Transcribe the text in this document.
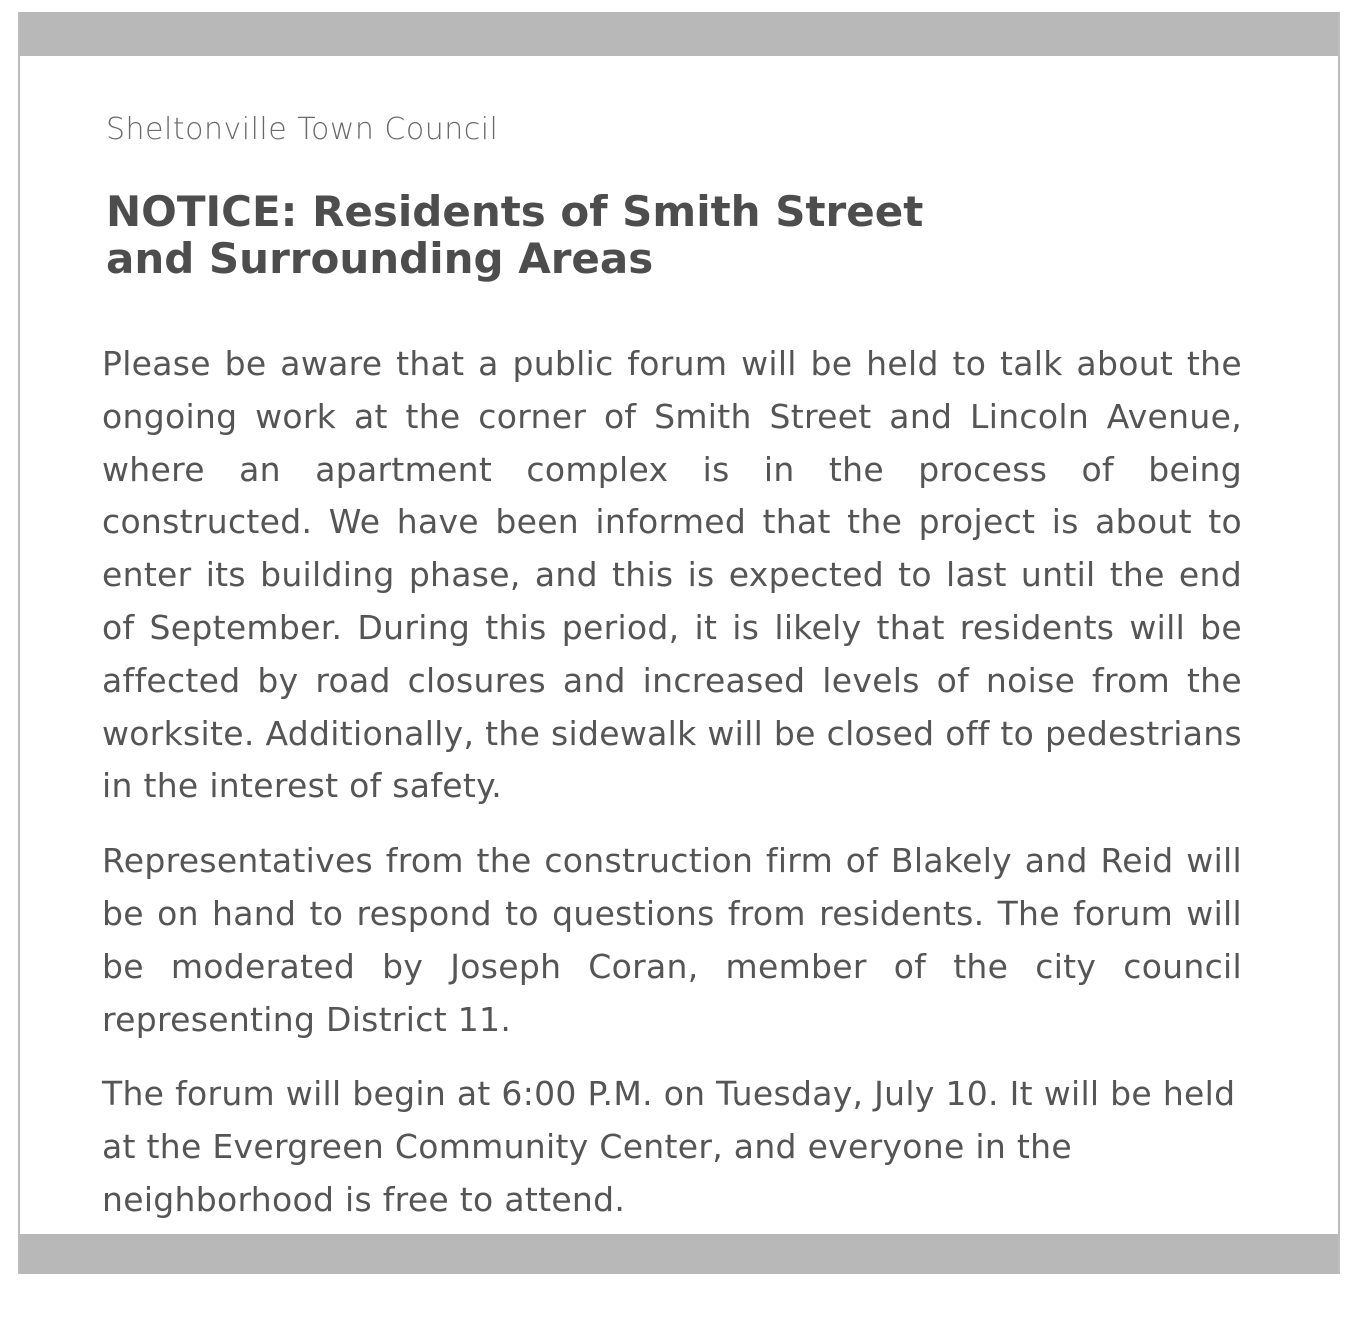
Sheltonville Town Council
NOTICE: Residents of Smith Street and Surrounding Areas

Please be aware that a public forum will be held to talk about the ongoing work at the corner of Smith Street and Lincoln Avenue, where an apartment complex is in the process of being constructed. We have been informed that the project is about to enter its building phase, and this is expected to last until the end of September. During this period, it is likely that residents will be affected by road closures and increased levels of noise from the worksite. Additionally, the sidewalk will be closed off to pedestrians in the interest of safety.

Representatives from the construction firm of Blakely and Reid will be on hand to respond to questions from residents. The forum will be moderated by Joseph Coran, member of the city council representing District 11.

The forum will begin at 6:00 P.M. on Tuesday, July 10. It will be held at the Evergreen Community Center, and everyone in the neighborhood is free to attend.
